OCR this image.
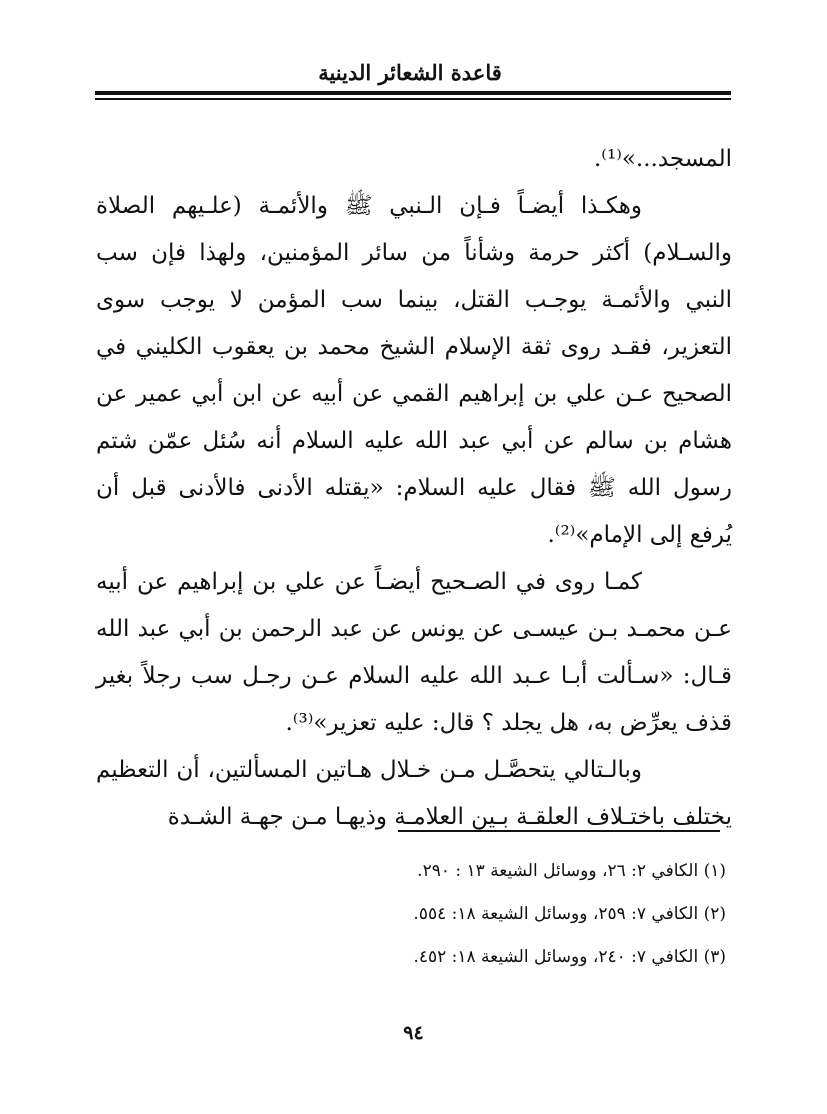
قاعدة الشعائر الدينية

المسجد...»⁽¹⁾.

وهكـذا أيضـاً فـإن الـنبي ﷺ والأئمـة (علـيهم الصلاة والسـلام) أكثر حرمة وشأناً من سائر المؤمنين، ولهذا فإن سب النبي والأئمـة يوجـب القتل، بينما سب المؤمن لا يوجب سوى التعزير، فقـد روى ثقة الإسلام الشيخ محمد بن يعقوب الكليني في الصحيح عـن علي بن إبراهيم القمي عن أبيه عن ابن أبي عمير عن هشام بن سالم عن أبي عبد الله عليه السلام أنه سُئل عمّن شتم رسول الله ﷺ فقال عليه السلام: «يقتله الأدنى فالأدنى قبل أن يُرفع إلى الإمام»⁽²⁾.

كمـا روى في الصـحيح أيضـاً عن علي بن إبراهيم عن أبيه عـن محمـد بـن عيسـى عن يونس عن عبد الرحمن بن أبي عبد الله قـال: «سـألت أبـا عـبد الله عليه السلام عـن رجـل سب رجلاً بغير قذف يعرِّض به، هل يجلد ؟ قال: عليه تعزير»⁽³⁾.

وبالـتالي يتحصَّـل مـن خـلال هـاتين المسألتين، أن التعظيم يختلف باختـلاف العلقـة بـين العلامـة وذيهـا مـن جهـة الشـدة

(١) الكافي ٢: ٢٦، ووسائل الشيعة ١٣ : ٢٩٠.
(٢) الكافي ٧: ٢٥٩، ووسائل الشيعة ١٨: ٥٥٤.
(٣) الكافي ٧: ٢٤٠، ووسائل الشيعة ١٨: ٤٥٢.
٩٤
